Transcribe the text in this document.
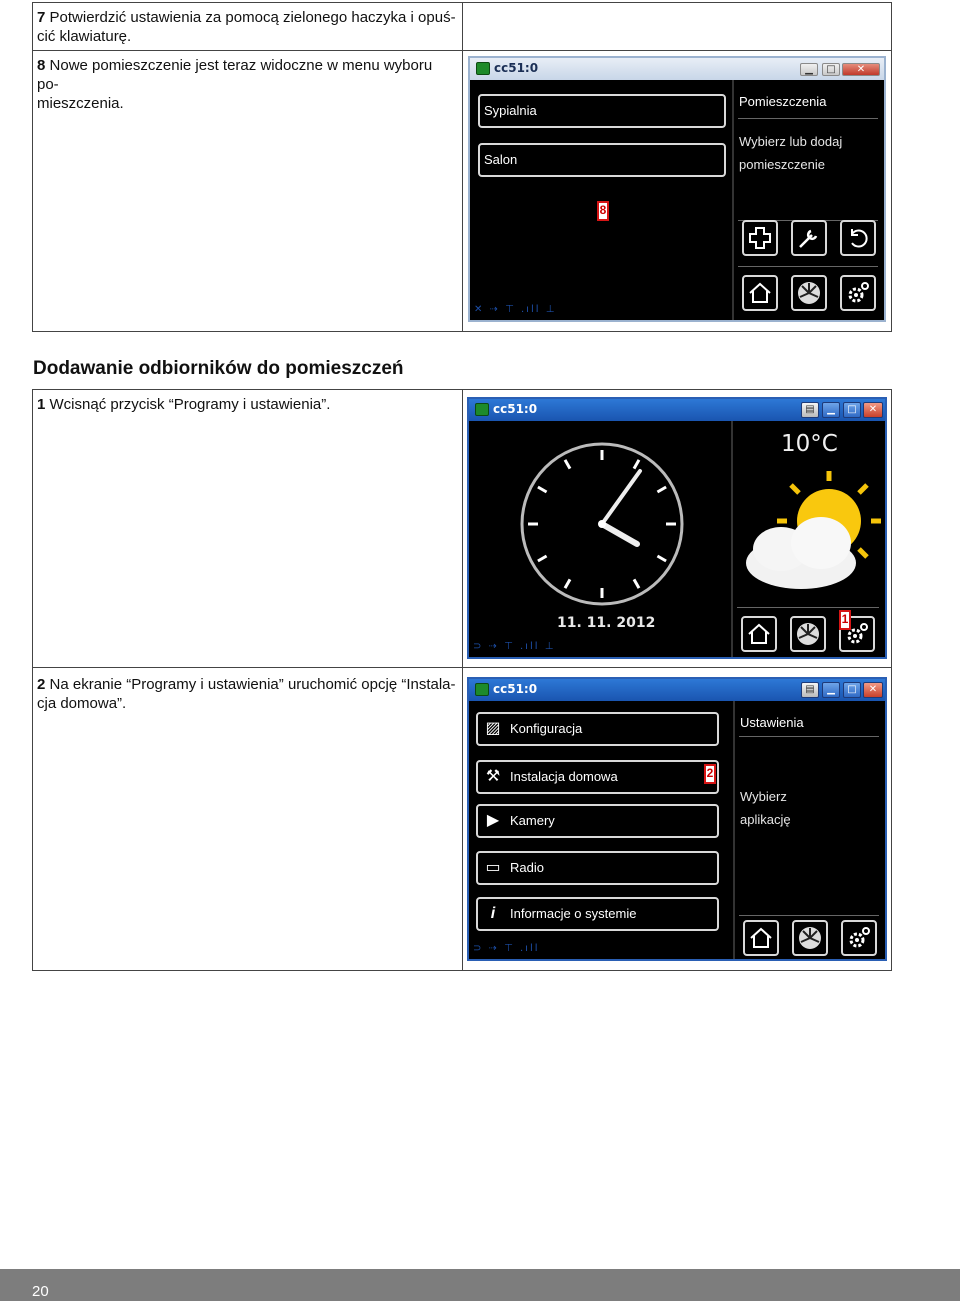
7 Potwierdzić ustawienia za pomocą zielonego haczyka i opuś-
cić klawiaturę.
8 Nowe pomieszczenie jest teraz widoczne w menu wyboru po-
mieszczenia.
cc51:0	▁	□	✕
Sypialnia
Salon
8
Pomieszczenia
Wybierz lub dodaj
pomieszczenie
✕ ⇢ ⊤ .ıll ⊥
Dodawanie odbiorników do pomieszczeń
1 Wcisnąć przycisk “Programy i ustawienia”.
2 Na ekranie “Programy i ustawienia” uruchomić opcję “Instala-
cja domowa”.
cc51:0	▤	▁	□	✕
11. 11. 2012
10°C
1
⊃ ⇢ ⊤ .ıll ⊥
cc51:0	▤	▁	□	✕
▨ Konfiguracja
⚒ Instalacja domowa
▶ Kamery
▭ Radio
i Informacje o systemie
2
Ustawienia
Wybierz
aplikację
⊃ ⇢ ⊤ .ıll
20
